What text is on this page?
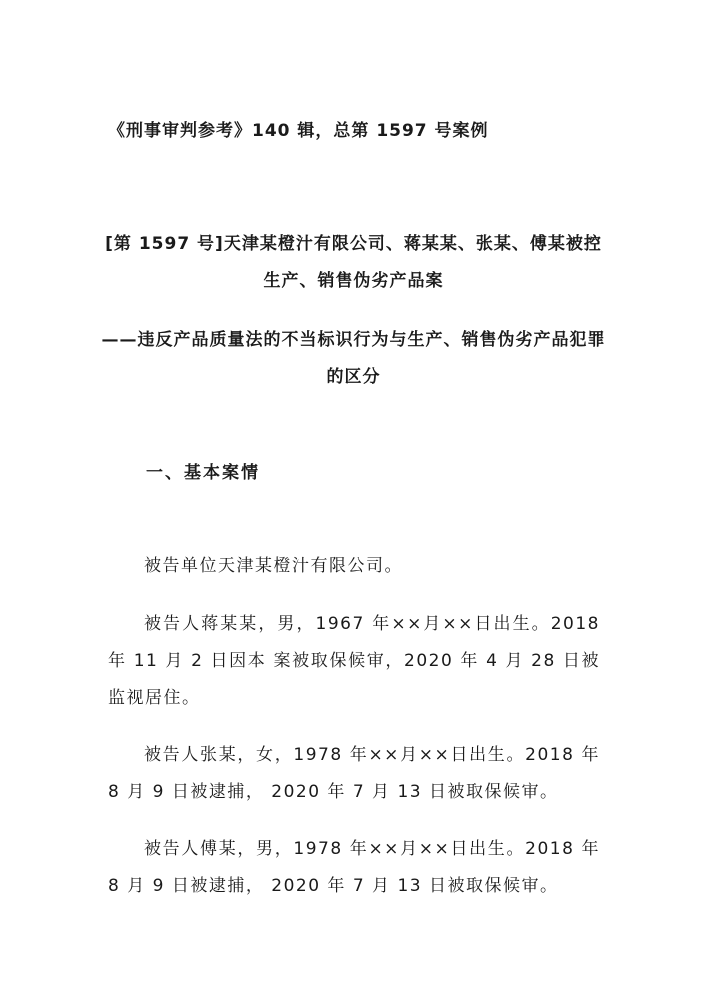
《刑事审判参考》140 辑，总第 1597 号案例
[第 1597 号]天津某橙汁有限公司、蒋某某、张某、傅某被控生产、销售伪劣产品案
——违反产品质量法的不当标识行为与生产、销售伪劣产品犯罪的区分
一、基本案情
被告单位天津某橙汁有限公司。
被告人蒋某某，男，1967 年××月××日出生。2018 年 11 月 2 日因本 案被取保候审，2020 年 4 月 28 日被监视居住。
被告人张某，女，1978 年××月××日出生。2018 年 8 月 9 日被逮捕， 2020 年 7 月 13 日被取保候审。
被告人傅某，男，1978 年××月××日出生。2018 年 8 月 9 日被逮捕， 2020 年 7 月 13 日被取保候审。
